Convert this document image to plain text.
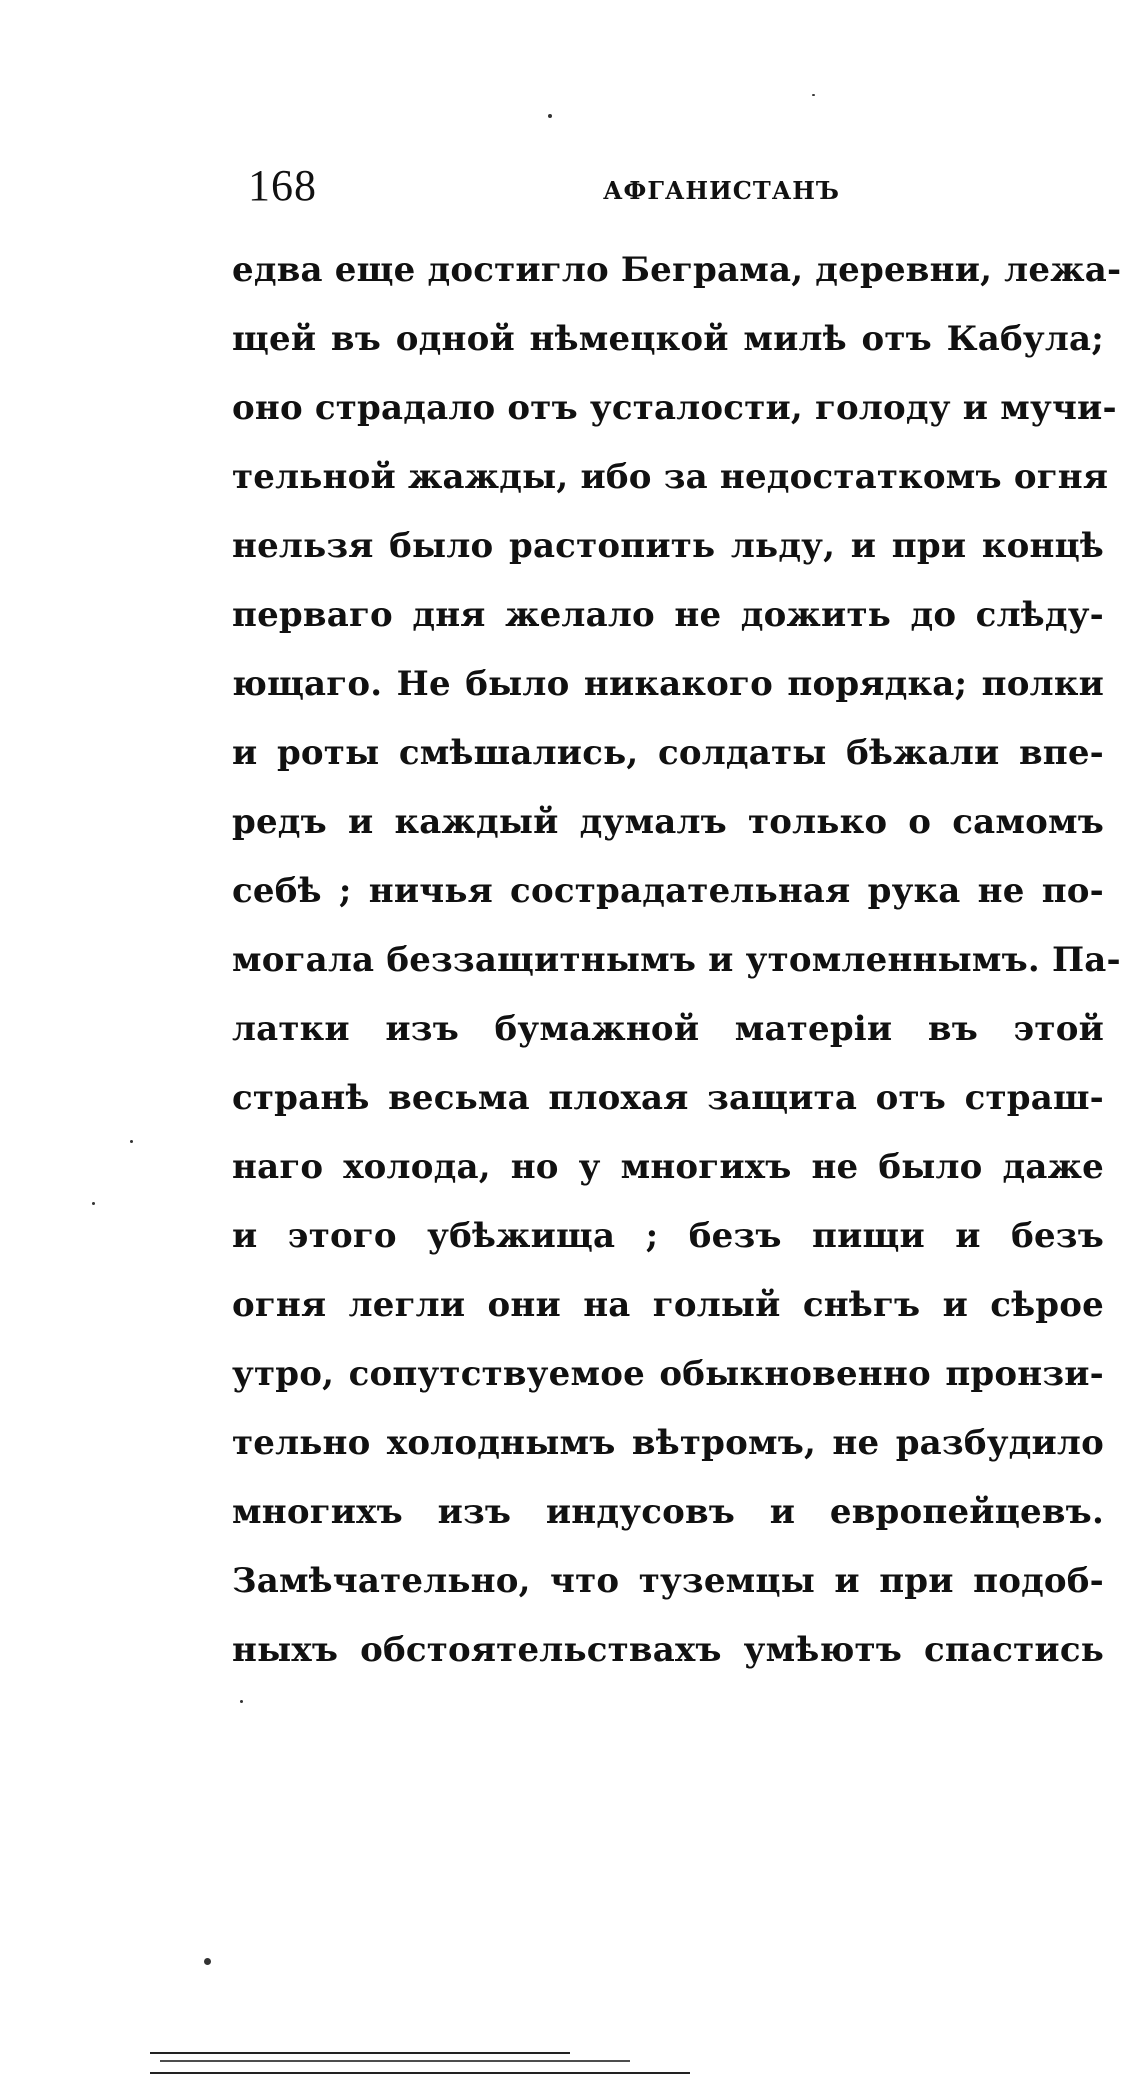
168	АФГАНИСТАНЪ
едва еще достигло Беграма, деревни, лежа-
щей въ одной нѣмецкой милѣ отъ Кабула;
оно страдало отъ усталости, голоду и мучи-
тельной жажды, ибо за недостаткомъ огня
нельзя было растопить льду, и при концѣ
перваго дня желало не дожить до слѣду-
ющаго. Не было никакого порядка; полки
и роты смѣшались, солдаты бѣжали впе-
редъ и каждый думалъ только о самомъ
себѣ ; ничья сострадательная рука не по-
могала беззащитнымъ и утомленнымъ. Па-
латки изъ бумажной матеріи въ этой
странѣ весьма плохая защита отъ страш-
наго холода, но у многихъ не было даже
и этого убѣжища ; безъ пищи и безъ
огня легли они на голый снѣгъ и сѣрое
утро, сопутствуемое обыкновенно пронзи-
тельно холоднымъ вѣтромъ, не разбудило
многихъ изъ индусовъ и европейцевъ.
Замѣчательно, что туземцы и при подоб-
ныхъ обстоятельствахъ умѣютъ спастись
